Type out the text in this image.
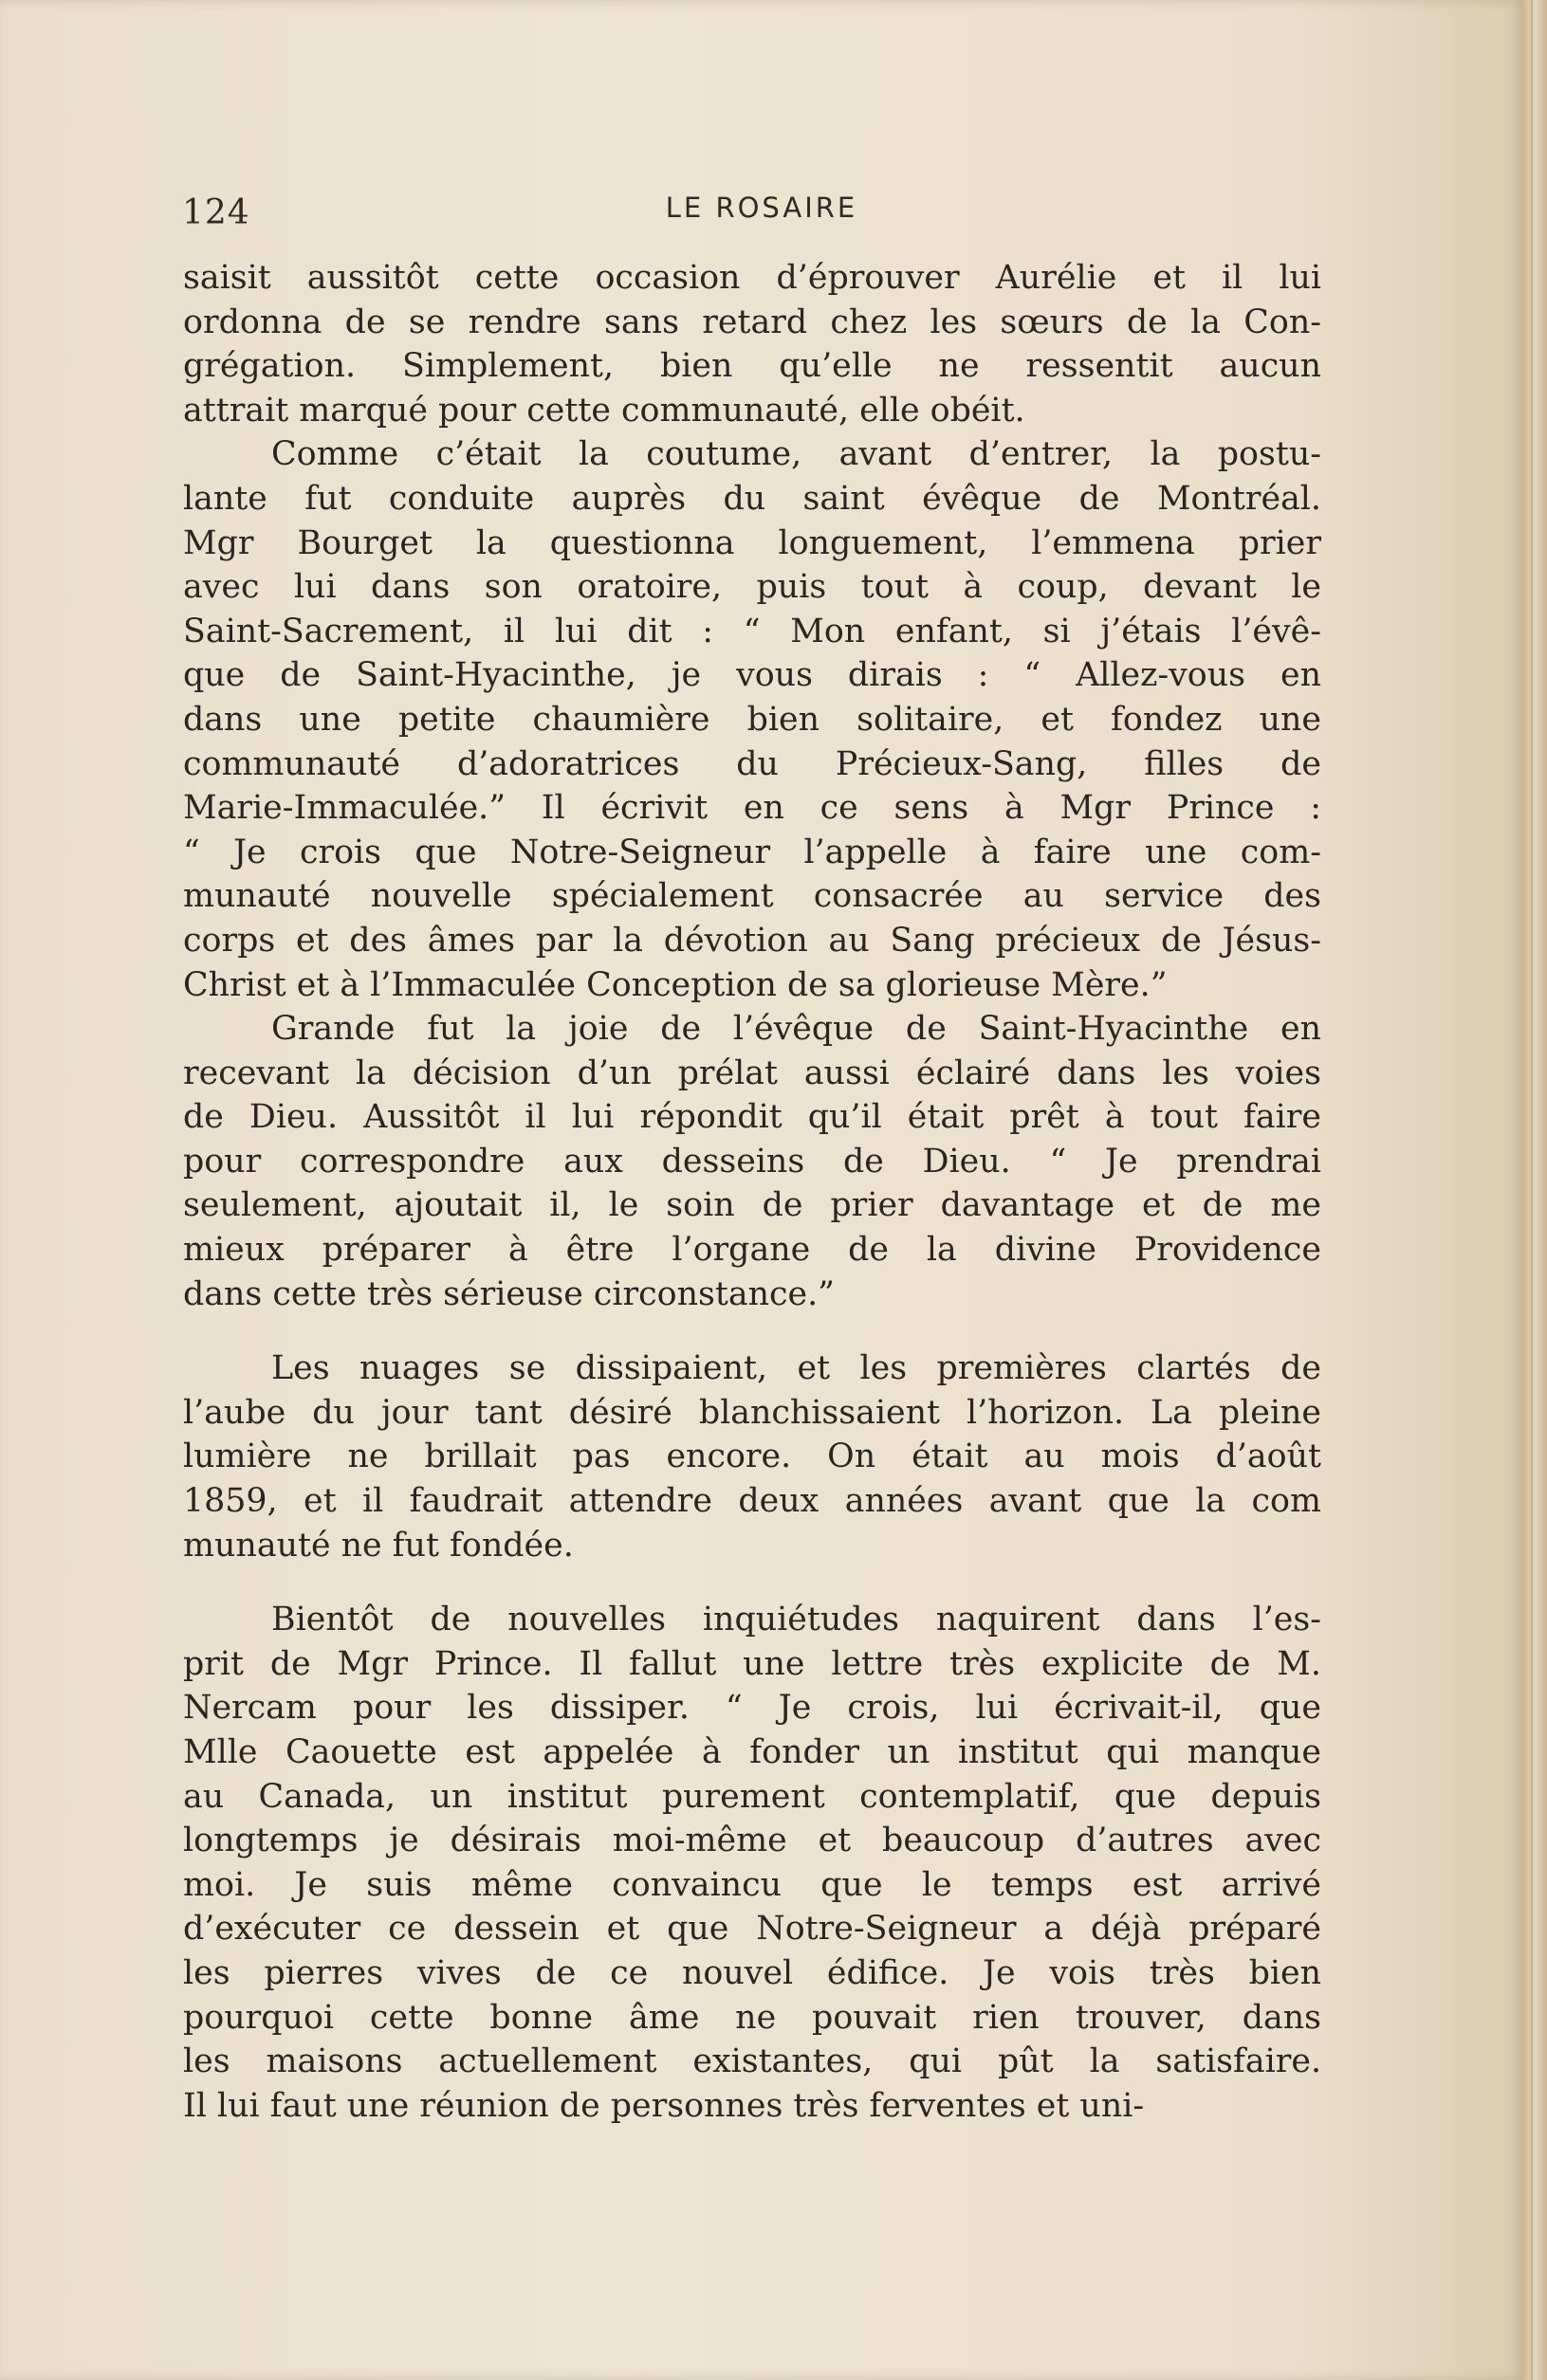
124	LE ROSAIRE
saisit aussitôt cette occasion d’éprouver Aurélie et il lui
ordonna de se rendre sans retard chez les sœurs de la Con-
grégation. Simplement, bien qu’elle ne ressentit aucun
attrait marqué pour cette communauté, elle obéit.
Comme c’était la coutume, avant d’entrer, la postu-
lante fut conduite auprès du saint évêque de Montréal.
Mgr Bourget la questionna longuement, l’emmena prier
avec lui dans son oratoire, puis tout à coup, devant le
Saint-Sacrement, il lui dit : “ Mon enfant, si j’étais l’évê-
que de Saint-Hyacinthe, je vous dirais : “ Allez-vous en
dans une petite chaumière bien solitaire, et fondez une
communauté d’adoratrices du Précieux-Sang, filles de
Marie-Immaculée.” Il écrivit en ce sens à Mgr Prince :
“ Je crois que Notre-Seigneur l’appelle à faire une com-
munauté nouvelle spécialement consacrée au service des
corps et des âmes par la dévotion au Sang précieux de Jésus-
Christ et à l’Immaculée Conception de sa glorieuse Mère.”
Grande fut la joie de l’évêque de Saint-Hyacinthe en
recevant la décision d’un prélat aussi éclairé dans les voies
de Dieu. Aussitôt il lui répondit qu’il était prêt à tout faire
pour correspondre aux desseins de Dieu. “ Je prendrai
seulement, ajoutait il, le soin de prier davantage et de me
mieux préparer à être l’organe de la divine Providence
dans cette très sérieuse circonstance.”
Les nuages se dissipaient, et les premières clartés de
l’aube du jour tant désiré blanchissaient l’horizon. La pleine
lumière ne brillait pas encore. On était au mois d’août
1859, et il faudrait attendre deux années avant que la com
munauté ne fut fondée.
Bientôt de nouvelles inquiétudes naquirent dans l’es-
prit de Mgr Prince. Il fallut une lettre très explicite de M.
Nercam pour les dissiper. “ Je crois, lui écrivait-il, que
Mlle Caouette est appelée à fonder un institut qui manque
au Canada, un institut purement contemplatif, que depuis
longtemps je désirais moi-même et beaucoup d’autres avec
moi. Je suis même convaincu que le temps est arrivé
d’exécuter ce dessein et que Notre-Seigneur a déjà préparé
les pierres vives de ce nouvel édifice. Je vois très bien
pourquoi cette bonne âme ne pouvait rien trouver, dans
les maisons actuellement existantes, qui pût la satisfaire.
Il lui faut une réunion de personnes très ferventes et uni-
